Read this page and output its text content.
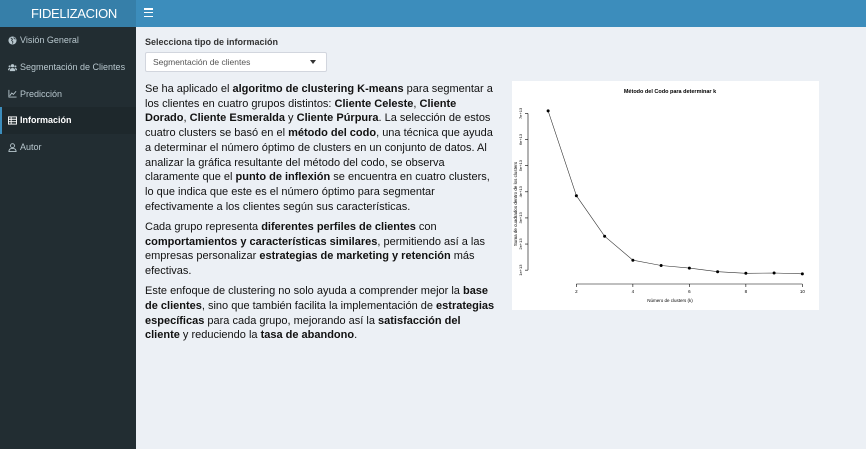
FIDELIZACION
Visión General
Segmentación de Clientes
Predicción
Información
Autor
Selecciona tipo de información
Segmentación de clientes

Se ha aplicado el algoritmo de clustering K-means para segmentar a los clientes en cuatro grupos distintos: Cliente Celeste, Cliente Dorado, Cliente Esmeralda y Cliente Púrpura. La selección de estos cuatro clusters se basó en el método del codo, una técnica que ayuda a determinar el número óptimo de clusters en un conjunto de datos. Al analizar la gráfica resultante del método del codo, se observa claramente que el punto de inflexión se encuentra en cuatro clusters, lo que indica que este es el número óptimo para segmentar efectivamente a los clientes según sus características.

Cada grupo representa diferentes perfiles de clientes con comportamientos y características similares, permitiendo así a las empresas personalizar estrategias de marketing y retención más efectivas.

Este enfoque de clustering no solo ayuda a comprender mejor la base de clientes, sino que también facilita la implementación de estrategias específicas para cada grupo, mejorando así la satisfacción del cliente y reduciendo la tasa de abandono.

Método del Codo para determinar k
Número de clusters (k)
Suma de cuadrados dentro de los clusters
2	4	6	8	10
1e+13
2e+13
3e+13
4e+13
5e+13
6e+13
7e+13
